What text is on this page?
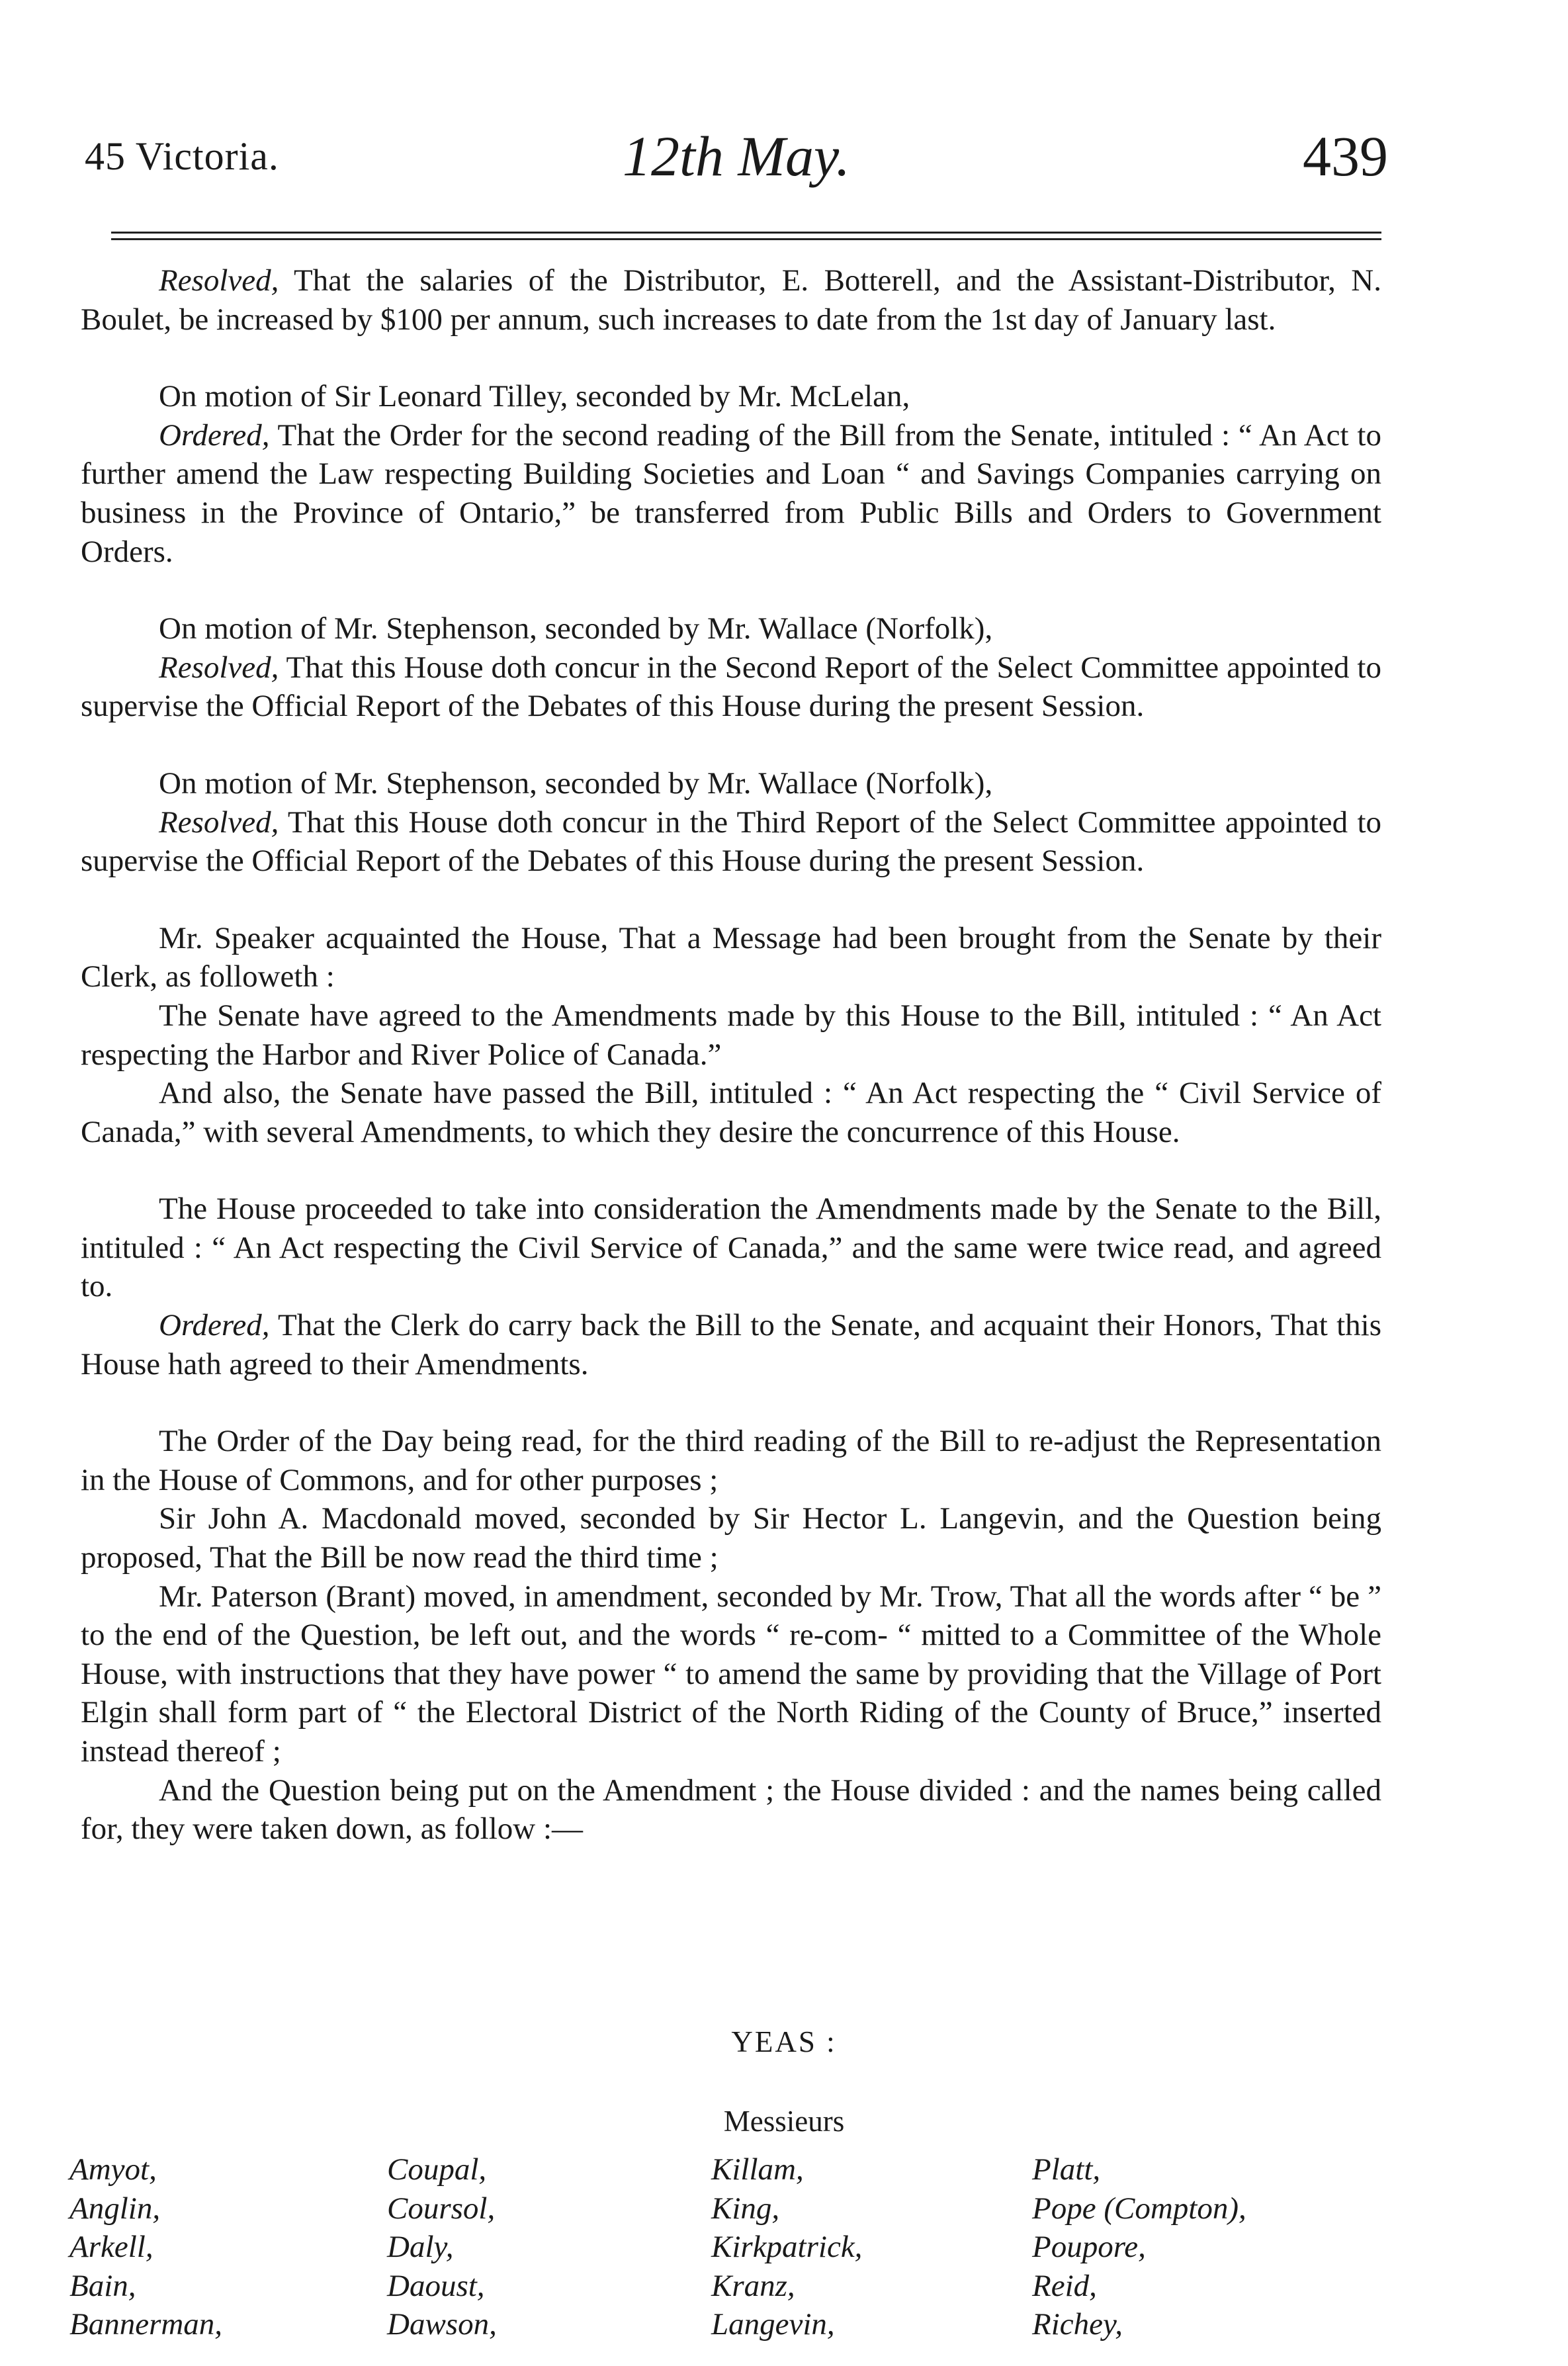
45 Victoria.	12th May.	439

Resolved, That the salaries of the Distributor, E. Botterell, and the Assistant-Distributor, N. Boulet, be increased by $100 per annum, such increases to date from the 1st day of January last.

On motion of Sir Leonard Tilley, seconded by Mr. McLelan,

Ordered, That the Order for the second reading of the Bill from the Senate, intituled : “ An Act to further amend the Law respecting Building Societies and Loan “ and Savings Companies carrying on business in the Province of Ontario,” be transferred from Public Bills and Orders to Government Orders.

On motion of Mr. Stephenson, seconded by Mr. Wallace (Norfolk),

Resolved, That this House doth concur in the Second Report of the Select Committee appointed to supervise the Official Report of the Debates of this House during the present Session.

On motion of Mr. Stephenson, seconded by Mr. Wallace (Norfolk),

Resolved, That this House doth concur in the Third Report of the Select Committee appointed to supervise the Official Report of the Debates of this House during the present Session.

Mr. Speaker acquainted the House, That a Message had been brought from the Senate by their Clerk, as followeth :

The Senate have agreed to the Amendments made by this House to the Bill, intituled : “ An Act respecting the Harbor and River Police of Canada.”

And also, the Senate have passed the Bill, intituled : “ An Act respecting the “ Civil Service of Canada,” with several Amendments, to which they desire the concurrence of this House.

The House proceeded to take into consideration the Amendments made by the Senate to the Bill, intituled : “ An Act respecting the Civil Service of Canada,” and the same were twice read, and agreed to.

Ordered, That the Clerk do carry back the Bill to the Senate, and acquaint their Honors, That this House hath agreed to their Amendments.

The Order of the Day being read, for the third reading of the Bill to re-adjust the Representation in the House of Commons, and for other purposes ;

Sir John A. Macdonald moved, seconded by Sir Hector L. Langevin, and the Question being proposed, That the Bill be now read the third time ;

Mr. Paterson (Brant) moved, in amendment, seconded by Mr. Trow, That all the words after “ be ” to the end of the Question, be left out, and the words “ re-com- “ mitted to a Committee of the Whole House, with instructions that they have power “ to amend the same by providing that the Village of Port Elgin shall form part of “ the Electoral District of the North Riding of the County of Bruce,” inserted instead thereof ;

And the Question being put on the Amendment ; the House divided : and the names being called for, they were taken down, as follow :—

YEAS :
Messieurs
Amyot,
Anglin,
Arkell,
Bain,
Bannerman,
Coupal,
Coursol,
Daly,
Daoust,
Dawson,
Killam,
King,
Kirkpatrick,
Kranz,
Langevin,
Platt,
Pope (Compton),
Poupore,
Reid,
Richey,
